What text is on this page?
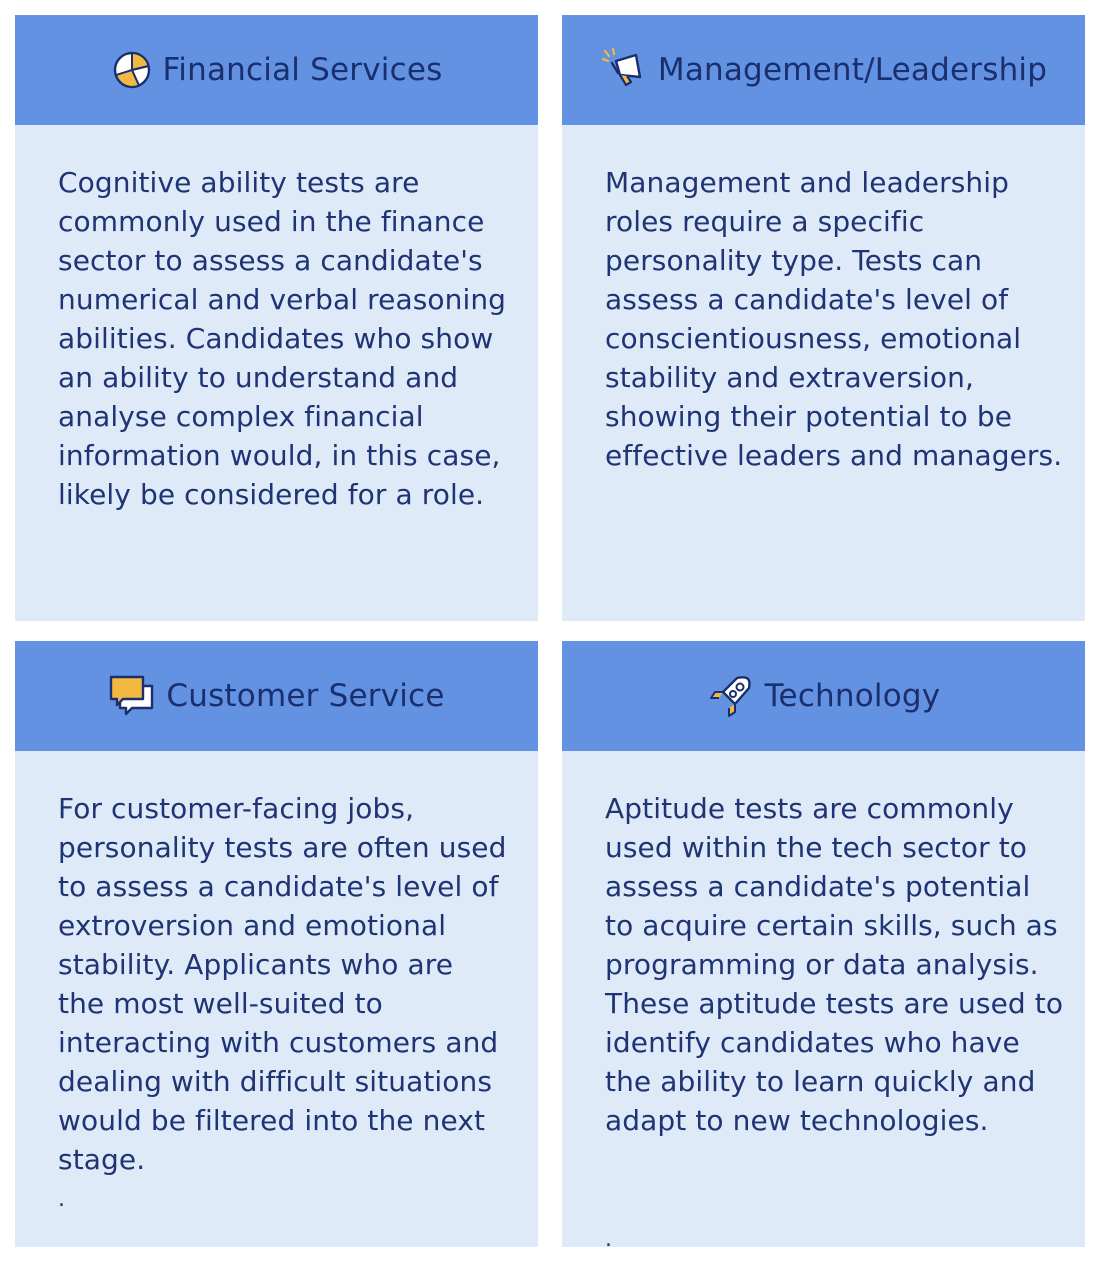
Financial Services
Cognitive ability tests are commonly used in the finance sector to assess a candidate's numerical and verbal reasoning abilities. Candidates who show an ability to understand and analyse complex financial information would, in this case, likely be considered for a role.
Management/Leadership
Management and leadership roles require a specific personality type. Tests can assess a candidate's level of conscientiousness, emotional stability and extraversion, showing their potential to be effective leaders and managers.
Customer Service
For customer-facing jobs, personality tests are often used to assess a candidate's level of extroversion and emotional stability. Applicants who are the most well-suited to interacting with customers and dealing with difficult situations would be filtered into the next stage.
.
Technology
Aptitude tests are commonly used within the tech sector to assess a candidate's potential to acquire certain skills, such as programming or data analysis. These aptitude tests are used to identify candidates who have the ability to learn quickly and adapt to new technologies.
.
